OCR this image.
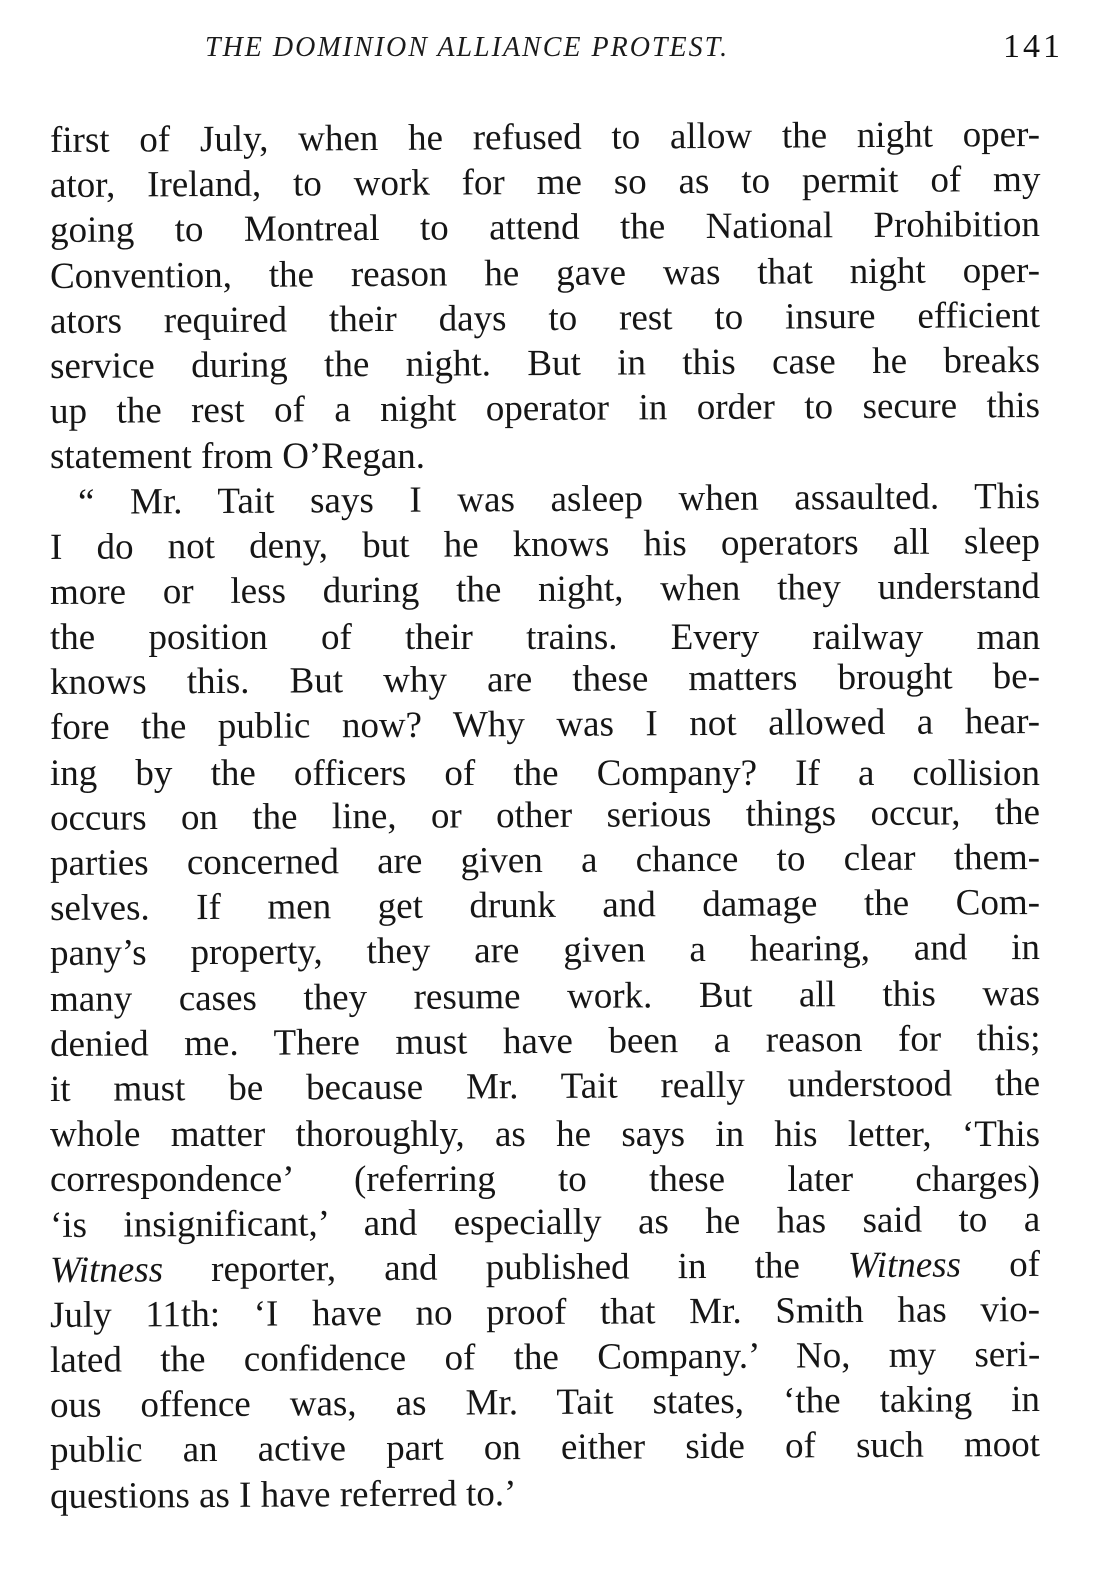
THE DOMINION ALLIANCE PROTEST.	141
first of July, when he refused to allow the night oper-
ator, Ireland, to work for me so as to permit of my
going to Montreal to attend the National Prohibition
Convention, the reason he gave was that night oper-
ators required their days to rest to insure efficient
service during the night. But in this case he breaks
up the rest of a night operator in order to secure this
statement from O’Regan.
“ Mr. Tait says I was asleep when assaulted. This
I do not deny, but he knows his operators all sleep
more or less during the night, when they understand
the position of their trains. Every railway man
knows this. But why are these matters brought be-
fore the public now? Why was I not allowed a hear-
ing by the officers of the Company? If a collision
occurs on the line, or other serious things occur, the
parties concerned are given a chance to clear them-
selves. If men get drunk and damage the Com-
pany’s property, they are given a hearing, and in
many cases they resume work. But all this was
denied me. There must have been a reason for this;
it must be because Mr. Tait really understood the
whole matter thoroughly, as he says in his letter, ‘This
correspondence’ (referring to these later charges)
‘is insignificant,’ and especially as he has said to a
Witness reporter, and published in the Witness of
July 11th: ‘I have no proof that Mr. Smith has vio-
lated the confidence of the Company.’ No, my seri-
ous offence was, as Mr. Tait states, ‘the taking in
public an active part on either side of such moot
questions as I have referred to.’
